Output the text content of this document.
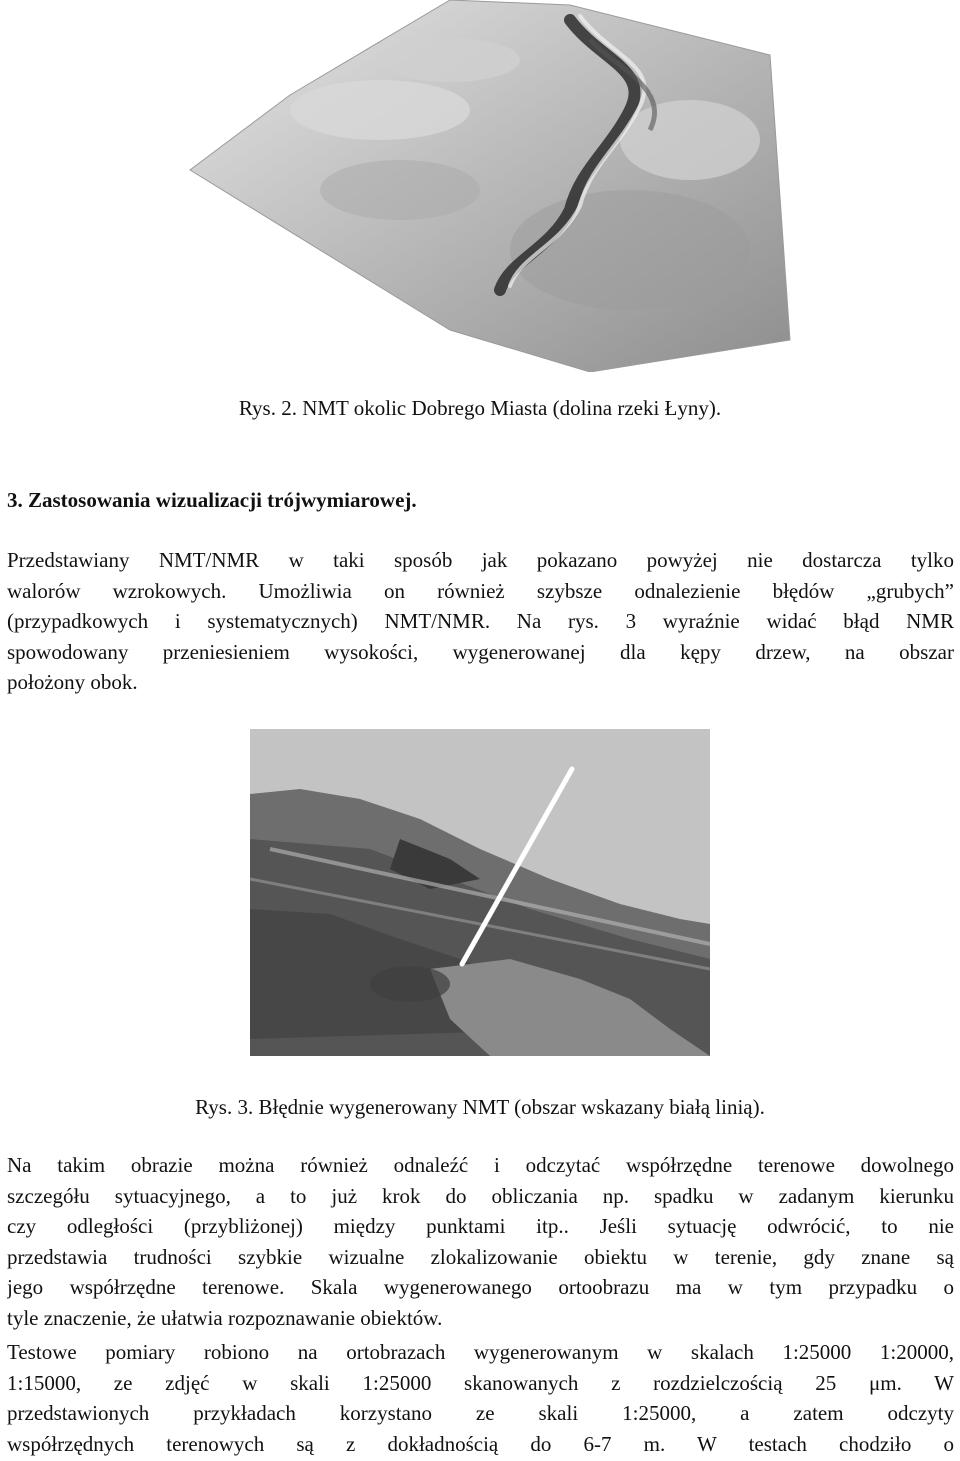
Rys. 2. NMT okolic Dobrego Miasta (dolina rzeki Łyny).
3. Zastosowania wizualizacji trójwymiarowej.
Przedstawiany NMT/NMR w taki sposób jak pokazano powyżej nie dostarcza tylko
walorów wzrokowych. Umożliwia on również szybsze odnalezienie błędów „grubych”
(przypadkowych i systematycznych) NMT/NMR. Na rys. 3 wyraźnie widać błąd NMR
spowodowany przeniesieniem wysokości, wygenerowanej dla kępy drzew, na obszar
położony obok.
Rys. 3. Błędnie wygenerowany NMT (obszar wskazany białą linią).
Na takim obrazie można również odnaleźć i odczytać współrzędne terenowe dowolnego
szczegółu sytuacyjnego, a to już krok do obliczania np. spadku w zadanym kierunku
czy odległości (przybliżonej) między punktami itp.. Jeśli sytuację odwrócić, to nie
przedstawia trudności szybkie wizualne zlokalizowanie obiektu w terenie, gdy znane są
jego współrzędne terenowe. Skala wygenerowanego ortoobrazu ma w tym przypadku o
tyle znaczenie, że ułatwia rozpoznawanie obiektów.
Testowe pomiary robiono na ortobrazach wygenerowanym w skalach 1:25000 1:20000,
1:15000, ze zdjęć w skali 1:25000 skanowanych z rozdzielczością 25 μm. W
przedstawionych przykładach korzystano ze skali 1:25000, a zatem odczyty
współrzędnych terenowych są z dokładnością do 6-7 m. W testach chodziło o
